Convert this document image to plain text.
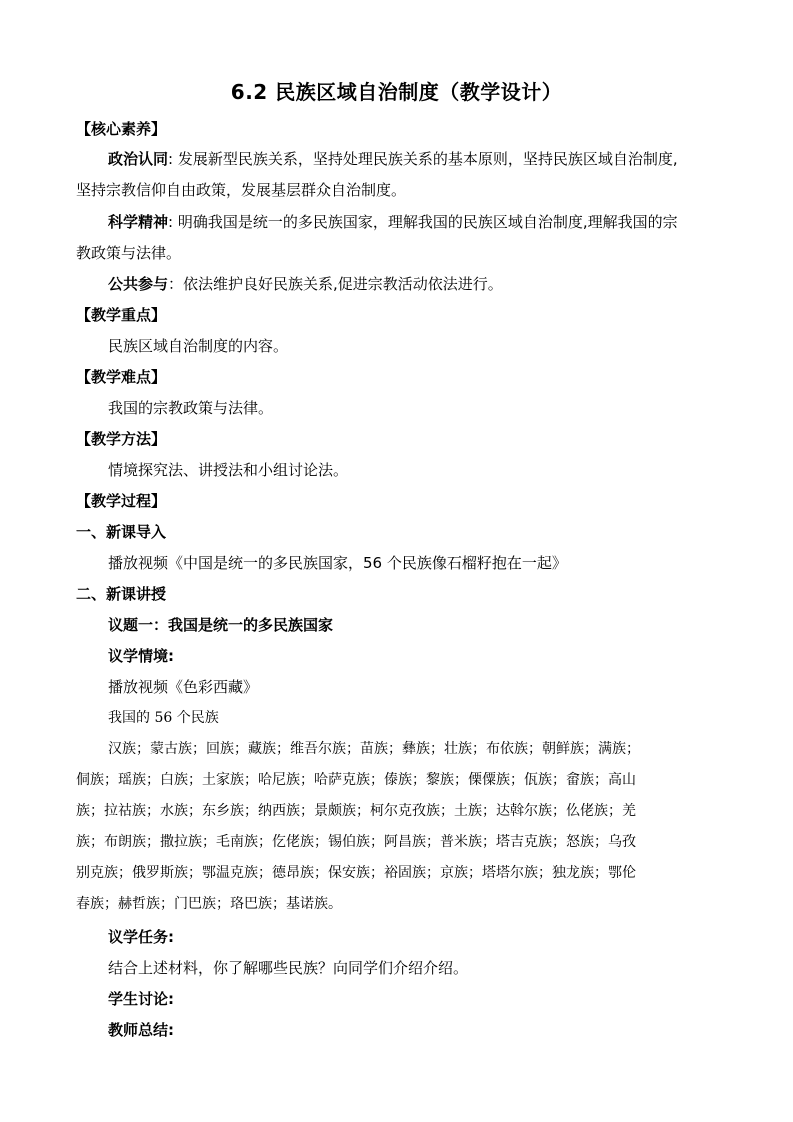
6.2 民族区域自治制度（教学设计）
【核心素养】
政治认同: 发展新型民族关系，坚持处理民族关系的基本原则，坚持民族区域自治制度,
坚持宗教信仰自由政策，发展基层群众自治制度。
科学精神: 明确我国是统一的多民族国家，理解我国的民族区域自治制度,理解我国的宗
教政策与法律。
公共参与：依法维护良好民族关系,促进宗教活动依法进行。
【教学重点】
民族区域自治制度的内容。
【教学难点】
我国的宗教政策与法律。
【教学方法】
情境探究法、讲授法和小组讨论法。
【教学过程】
一、新课导入
播放视频《中国是统一的多民族国家，56 个民族像石榴籽抱在一起》
二、新课讲授
议题一：我国是统一的多民族国家
议学情境:
播放视频《色彩西藏》
我国的 56 个民族
汉族；蒙古族；回族；藏族；维吾尔族；苗族；彝族；壮族；布依族；朝鲜族；满族；
侗族；瑶族；白族；土家族；哈尼族；哈萨克族；傣族；黎族；傈僳族；佤族；畲族；高山
族；拉祜族；水族；东乡族；纳西族；景颇族；柯尔克孜族；土族；达斡尔族；仫佬族；羌
族；布朗族；撒拉族；毛南族；仡佬族；锡伯族；阿昌族；普米族；塔吉克族；怒族；乌孜
别克族；俄罗斯族；鄂温克族；德昂族；保安族；裕固族；京族；塔塔尔族；独龙族；鄂伦
春族；赫哲族；门巴族；珞巴族；基诺族。
议学任务:
结合上述材料，你了解哪些民族？向同学们介绍介绍。
学生讨论:
教师总结:
